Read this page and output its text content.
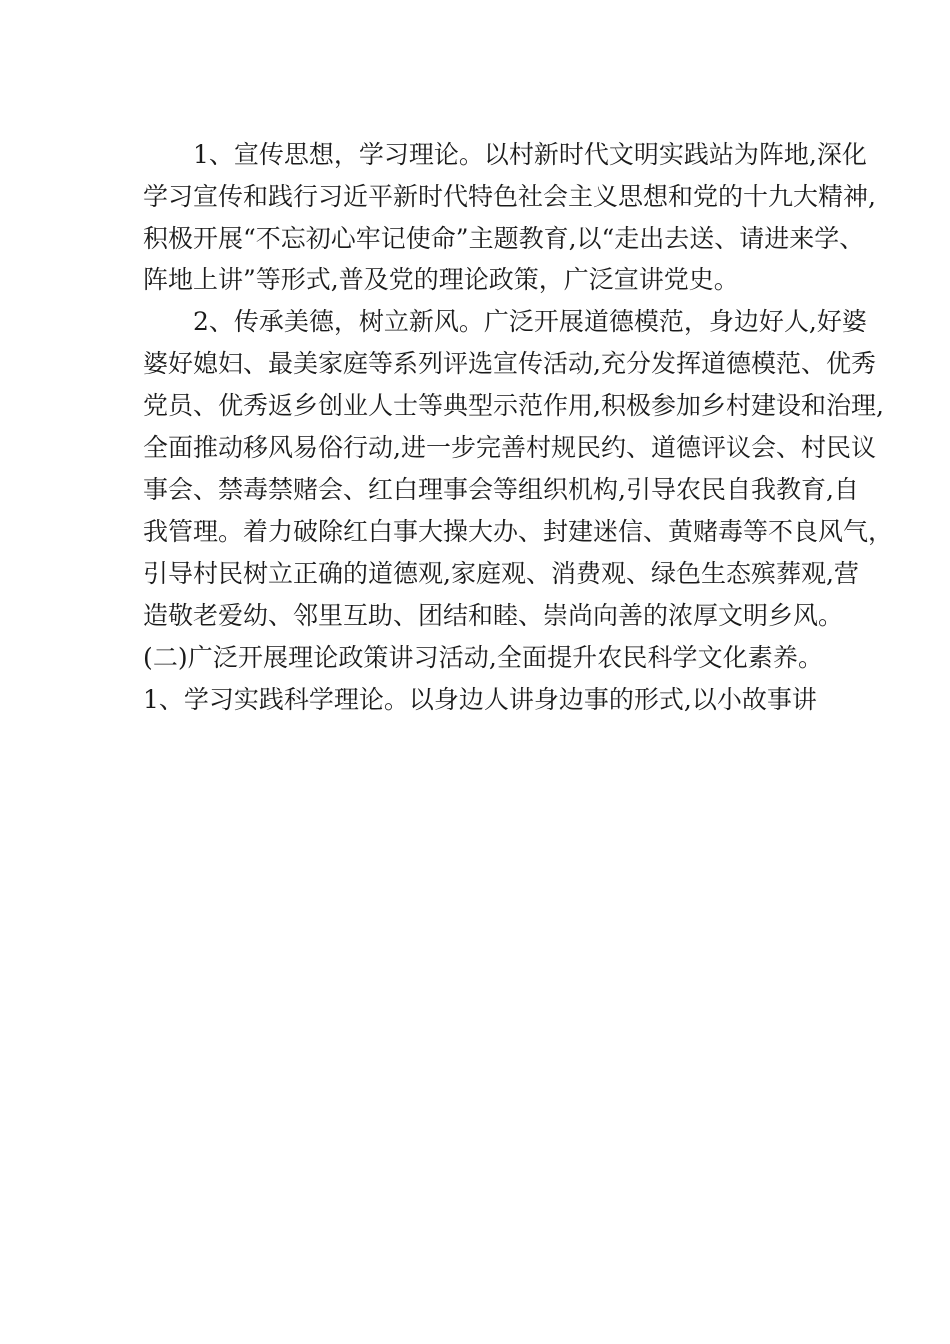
1、宣传思想，学习理论。以村新时代文明实践站为阵地,深化
学习宣传和践行习近平新时代特色社会主义思想和党的十九大精神,
积极开展“不忘初心牢记使命”主题教育,以“走出去送、请进来学、
阵地上讲”等形式,普及党的理论政策，广泛宣讲党史。
2、传承美德，树立新风。广泛开展道德模范，身边好人,好婆
婆好媳妇、最美家庭等系列评选宣传活动,充分发挥道德模范、优秀
党员、优秀返乡创业人士等典型示范作用,积极参加乡村建设和治理,
全面推动移风易俗行动,进一步完善村规民约、道德评议会、村民议
事会、禁毒禁赌会、红白理事会等组织机构,引导农民自我教育,自
我管理。着力破除红白事大操大办、封建迷信、黄赌毒等不良风气，
引导村民树立正确的道德观,家庭观、消费观、绿色生态殡葬观,营
造敬老爱幼、邻里互助、团结和睦、崇尚向善的浓厚文明乡风。
(二)广泛开展理论政策讲习活动,全面提升农民科学文化素养。
1、学习实践科学理论。以身边人讲身边事的形式,以小故事讲
